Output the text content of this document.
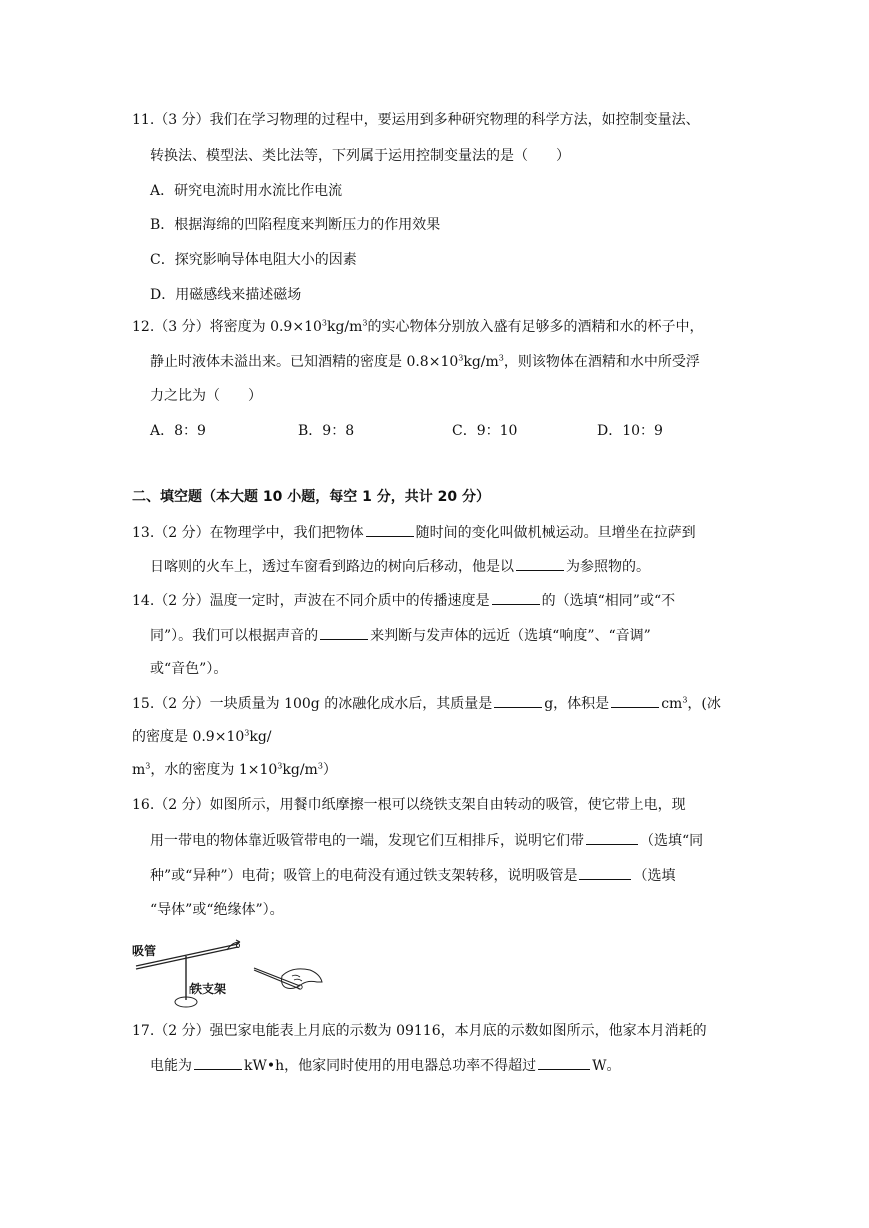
11.（3 分）我们在学习物理的过程中，要运用到多种研究物理的科学方法，如控制变量法、
转换法、模型法、类比法等，下列属于运用控制变量法的是（　　）
A．研究电流时用水流比作电流
B．根据海绵的凹陷程度来判断压力的作用效果
C．探究影响导体电阻大小的因素
D．用磁感线来描述磁场
12.（3 分）将密度为 $0.9\times 10^3kg/m^3$的实心物体分别放入盛有足够多的酒精和水的杯子中，
静止时液体未溢出来。已知酒精的密度是 $0.8\times 10^3kg/m^3$，则该物体在酒精和水中所受浮
力之比为（　　）
A．8：9	B．9：8	C．9：10	D．10：9
二、填空题（本大题 10 小题，每空 1 分，共计 20 分）
13.（2 分）在物理学中，我们把物体	随时间的变化叫做机械运动。旦增坐在拉萨到
日喀则的火车上，透过车窗看到路边的树向后移动，他是以	为参照物的。
14.（2 分）温度一定时，声波在不同介质中的传播速度是	的（选填“相同”或“不
同”）。我们可以根据声音的	来判断与发声体的远近（选填“响度”、“音调”
或“音色”）。
15.（2 分）一块质量为 100g 的冰融化成水后，其质量是	g，体积是	$cm^3$，(冰
的密度是 $0.9\times 10^3kg/$
$m^3$，水的密度为 $1\times 10^3kg/m^3$）
16.（2 分）如图所示，用餐巾纸摩擦一根可以绕铁支架自由转动的吸管，使它带上电，现
用一带电的物体靠近吸管带电的一端，发现它们互相排斥，说明它们带	（选填“同
种”或“异种”）电荷；吸管上的电荷没有通过铁支架转移，说明吸管是	（选填
“导体”或“绝缘体”）。
吸管
铁支架
17.（2 分）强巴家电能表上月底的示数为 09116，本月底的示数如图所示，他家本月消耗的
电能为	kW•h，他家同时使用的用电器总功率不得超过	W。
